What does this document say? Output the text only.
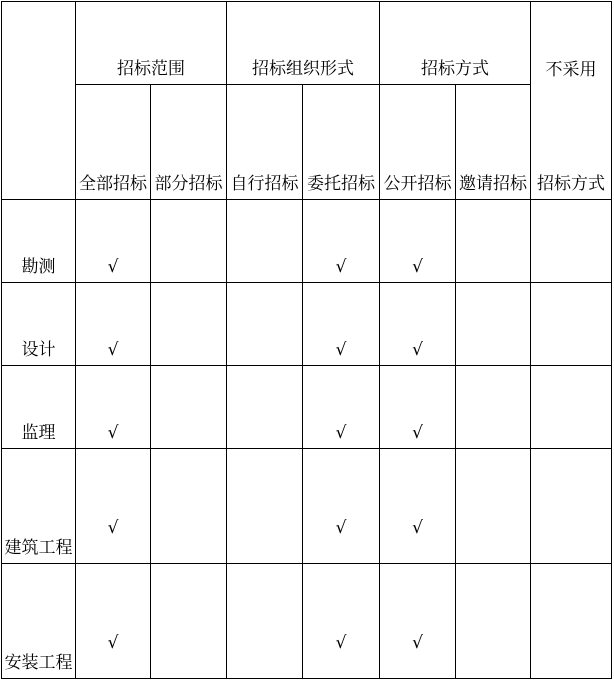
	招标范围		招标组织形式		招标方式		不采用
	全部招标	部分招标	自行招标	委托招标	公开招标	邀请招标	招标方式
勘测	√			√	√		
设计	√			√	√		
监理	√			√	√		
建筑工程	√			√	√		
安装工程	√			√	√		
